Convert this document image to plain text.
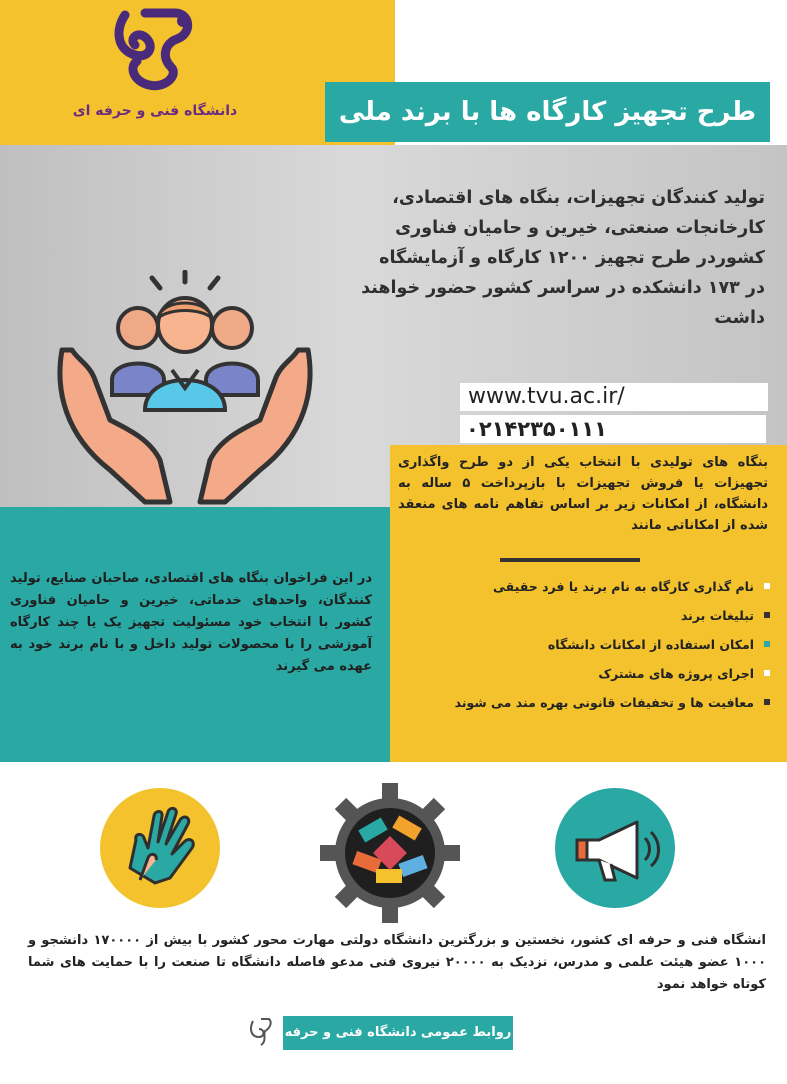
دانشگاه فنی و حرفه ای	طرح تجهیز کارگاه ها با برند ملی
تولید کنندگان تجهیزات، بنگاه های اقتصادی، کارخانجات صنعتی، خیرین و حامیان فناوری کشوردر طرح تجهیز ۱۲۰۰ کارگاه و آزمایشگاه در ۱۷۳ دانشکده در سراسر کشور حضور خواهند داشت
www.tvu.ac.ir/
۰۲۱۴۲۳۵۰۱۱۱
بنگاه های تولیدی با انتخاب یکی از دو طرح واگذاری تجهیزات یا فروش تجهیزات با بازپرداخت ۵ ساله به دانشگاه، از امکانات زیر بر اساس تفاهم نامه های منعقد شده از امکاناتی مانند
نام گذاری کارگاه به نام برند یا فرد حقیقی
تبلیغات برند
امکان استفاده از امکانات دانشگاه
اجرای پروژه های مشترک
معافیت ها و تخفیفات قانونی بهره مند می شوند
در این فراخوان بنگاه های اقتصادی، صاحبان صنایع، تولید کنندگان، واحدهای خدماتی، خیرین و حامیان فناوری کشور با انتخاب خود مسئولیت تجهیز یک یا چند کارگاه آموزشی را با محصولات تولید داخل و با نام برند خود به عهده می گیرند
انشگاه فنی و حرفه ای کشور، نخستین و بزرگترین دانشگاه دولتی مهارت محور کشور با بیش از ۱۷۰۰۰۰ دانشجو و ۱۰۰۰ عضو هیئت علمی و مدرس، نزدیک به ۲۰۰۰۰ نیروی فنی مدعو فاصله دانشگاه تا صنعت را با حمایت های شما کوتاه خواهد نمود
روابط عمومی دانشگاه فنی و حرفه ای
